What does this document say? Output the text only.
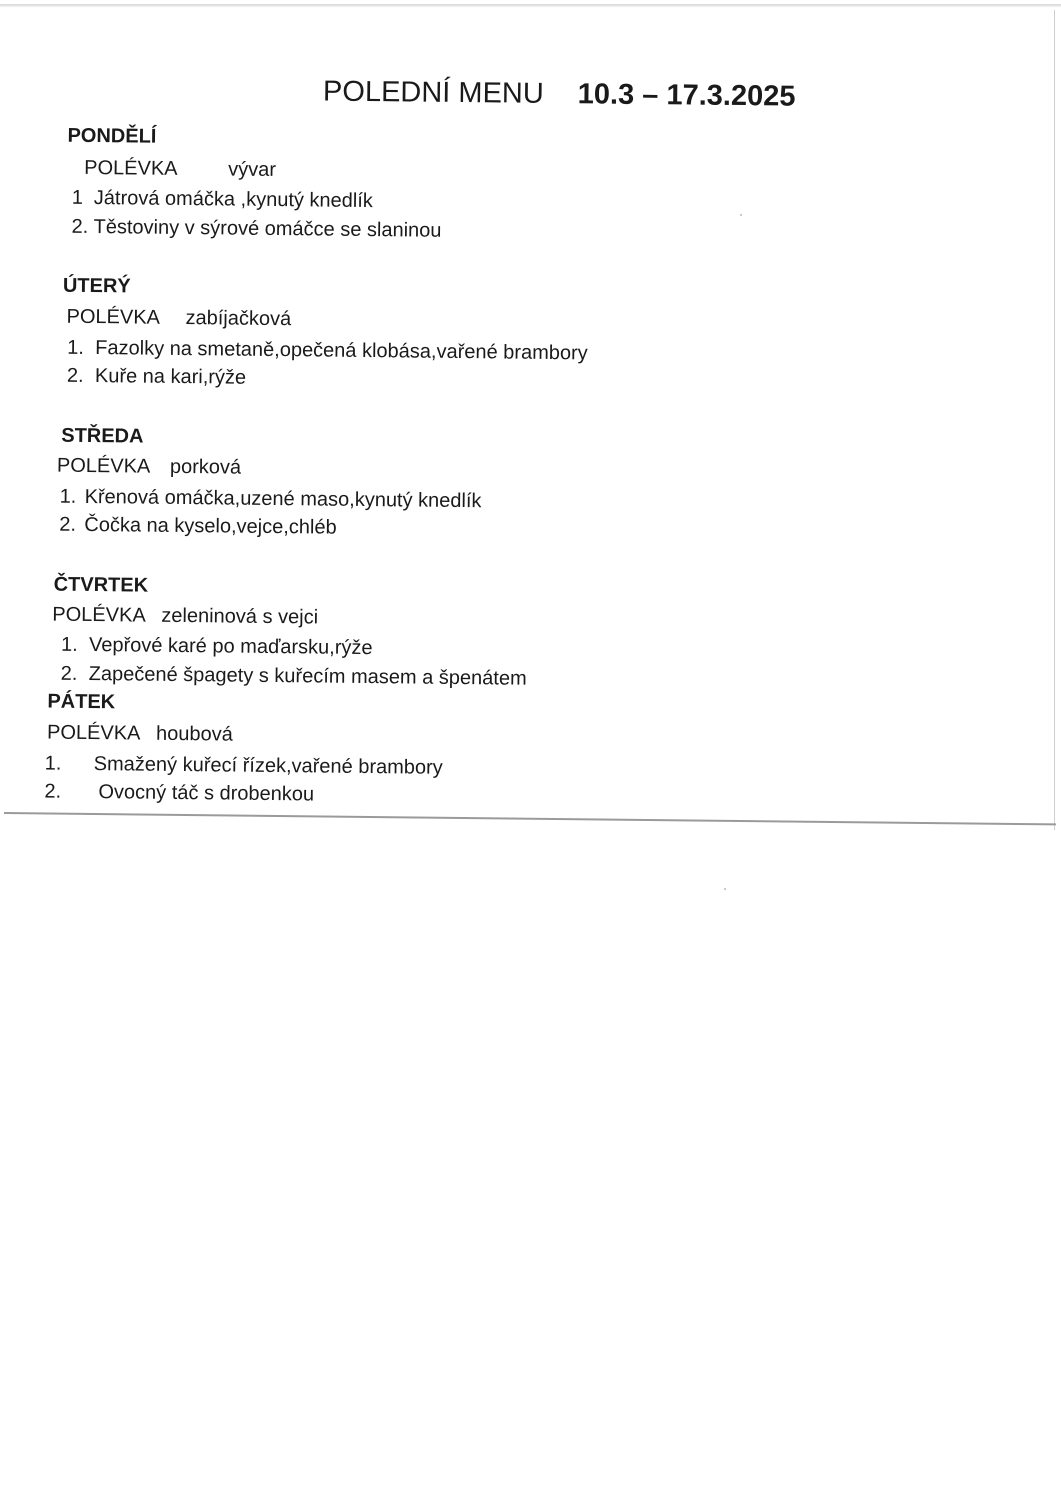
POLEDNÍ MENU 10.3 – 17.3.2025
PONDĚLÍ
POLÉVKA	vývar
1 Játrová omáčka ,kynutý knedlík
2. Těstoviny v sýrové omáčce se slaninou
ÚTERÝ
POLÉVKA zabíjačková
1. Fazolky na smetaně,opečená klobása,vařené brambory
2. Kuře na kari,rýže
STŘEDA
POLÉVKA porková
1. Křenová omáčka,uzené maso,kynutý knedlík
2. Čočka na kyselo,vejce,chléb
ČTVRTEK
POLÉVKA zeleninová s vejci
1. Vepřové karé po maďarsku,rýže
2. Zapečené špagety s kuřecím masem a špenátem
PÁTEK
POLÉVKA houbová
1. Smažený kuřecí řízek,vařené brambory
2. Ovocný táč s drobenkou
